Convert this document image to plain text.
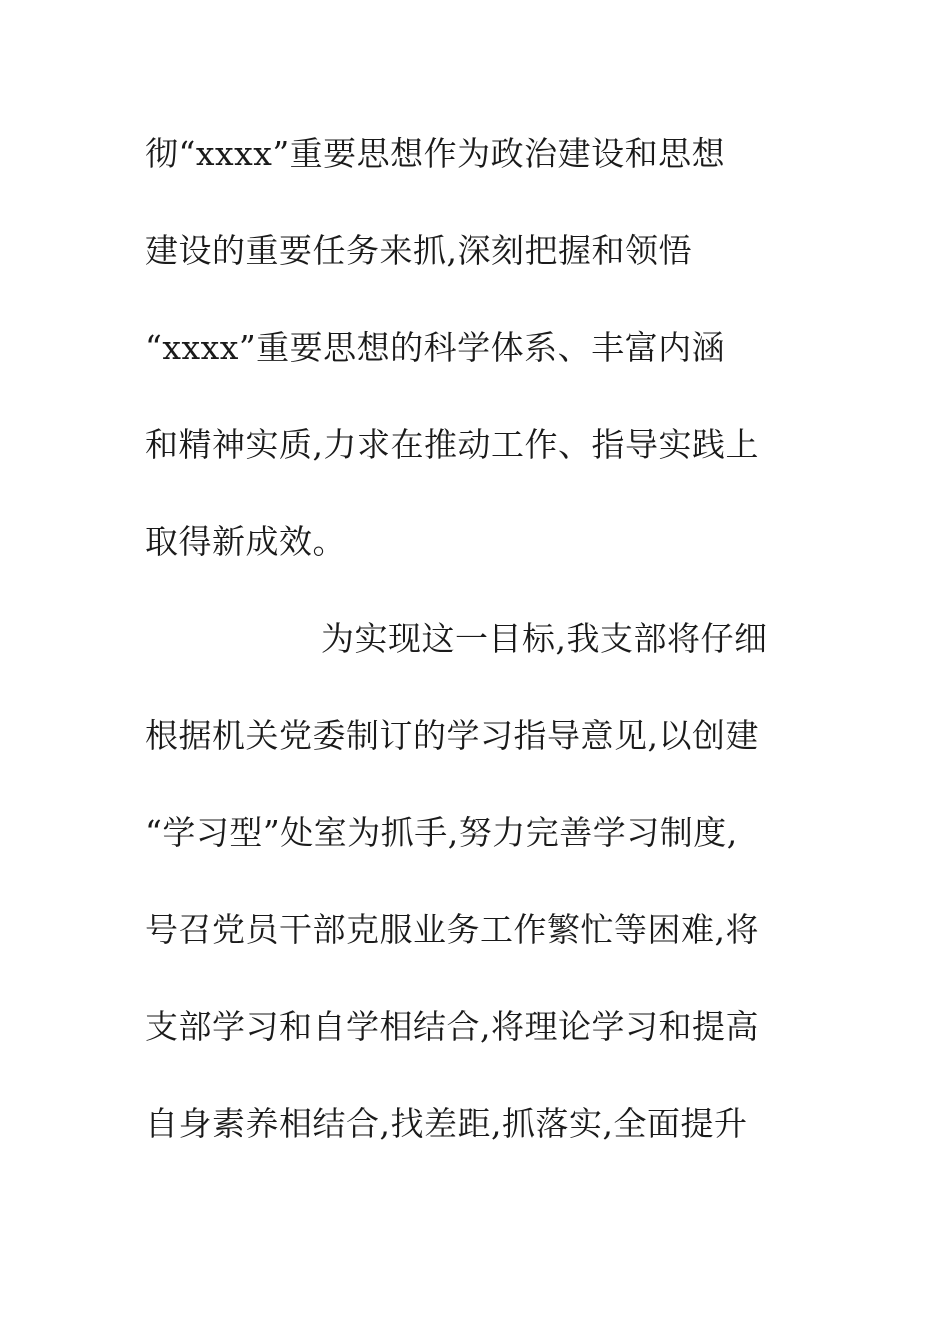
彻“xxxx”重要思想作为政治建设和思想
建设的重要任务来抓,深刻把握和领悟
“xxxx”重要思想的科学体系、丰富内涵
和精神实质,力求在推动工作、指导实践上
取得新成效。
为实现这一目标,我支部将仔细
根据机关党委制订的学习指导意见,以创建
“学习型”处室为抓手,努力完善学习制度,
号召党员干部克服业务工作繁忙等困难,将
支部学习和自学相结合,将理论学习和提高
自身素养相结合,找差距,抓落实,全面提升
